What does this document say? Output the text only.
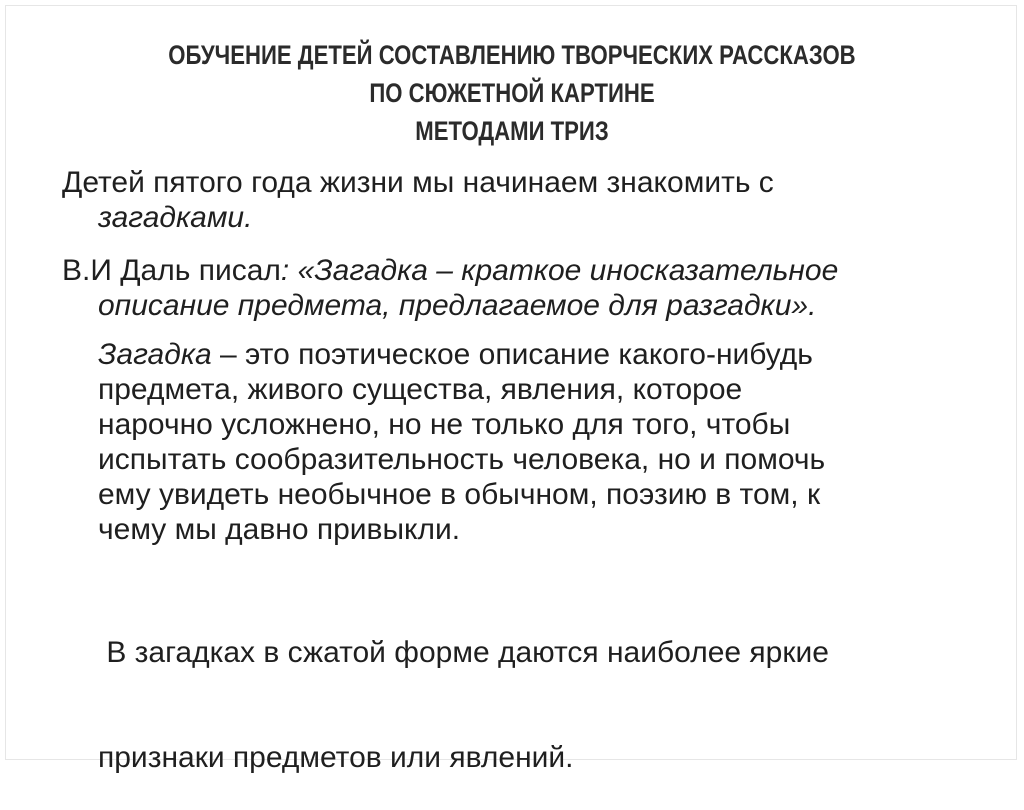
ОБУЧЕНИЕ ДЕТЕЙ СОСТАВЛЕНИЮ ТВОРЧЕСКИХ РАССКАЗОВ
ПО СЮЖЕТНОЙ КАРТИНЕ
МЕТОДАМИ ТРИЗ
Детей пятого года жизни мы начинаем знакомить с
загадками.
В.И Даль писал: «Загадка – краткое иносказательное
описание предмета, предлагаемое для разгадки».
Загадка – это поэтическое описание какого-нибудь
предмета, живого существа, явления, которое
нарочно усложнено, но не только для того, чтобы
испытать сообразительность человека, но и помочь
ему увидеть необычное в обычном, поэзию в том, к
чему мы давно привыкли.

В загадках в сжатой форме даются наиболее яркие

признаки предметов или явлений.
